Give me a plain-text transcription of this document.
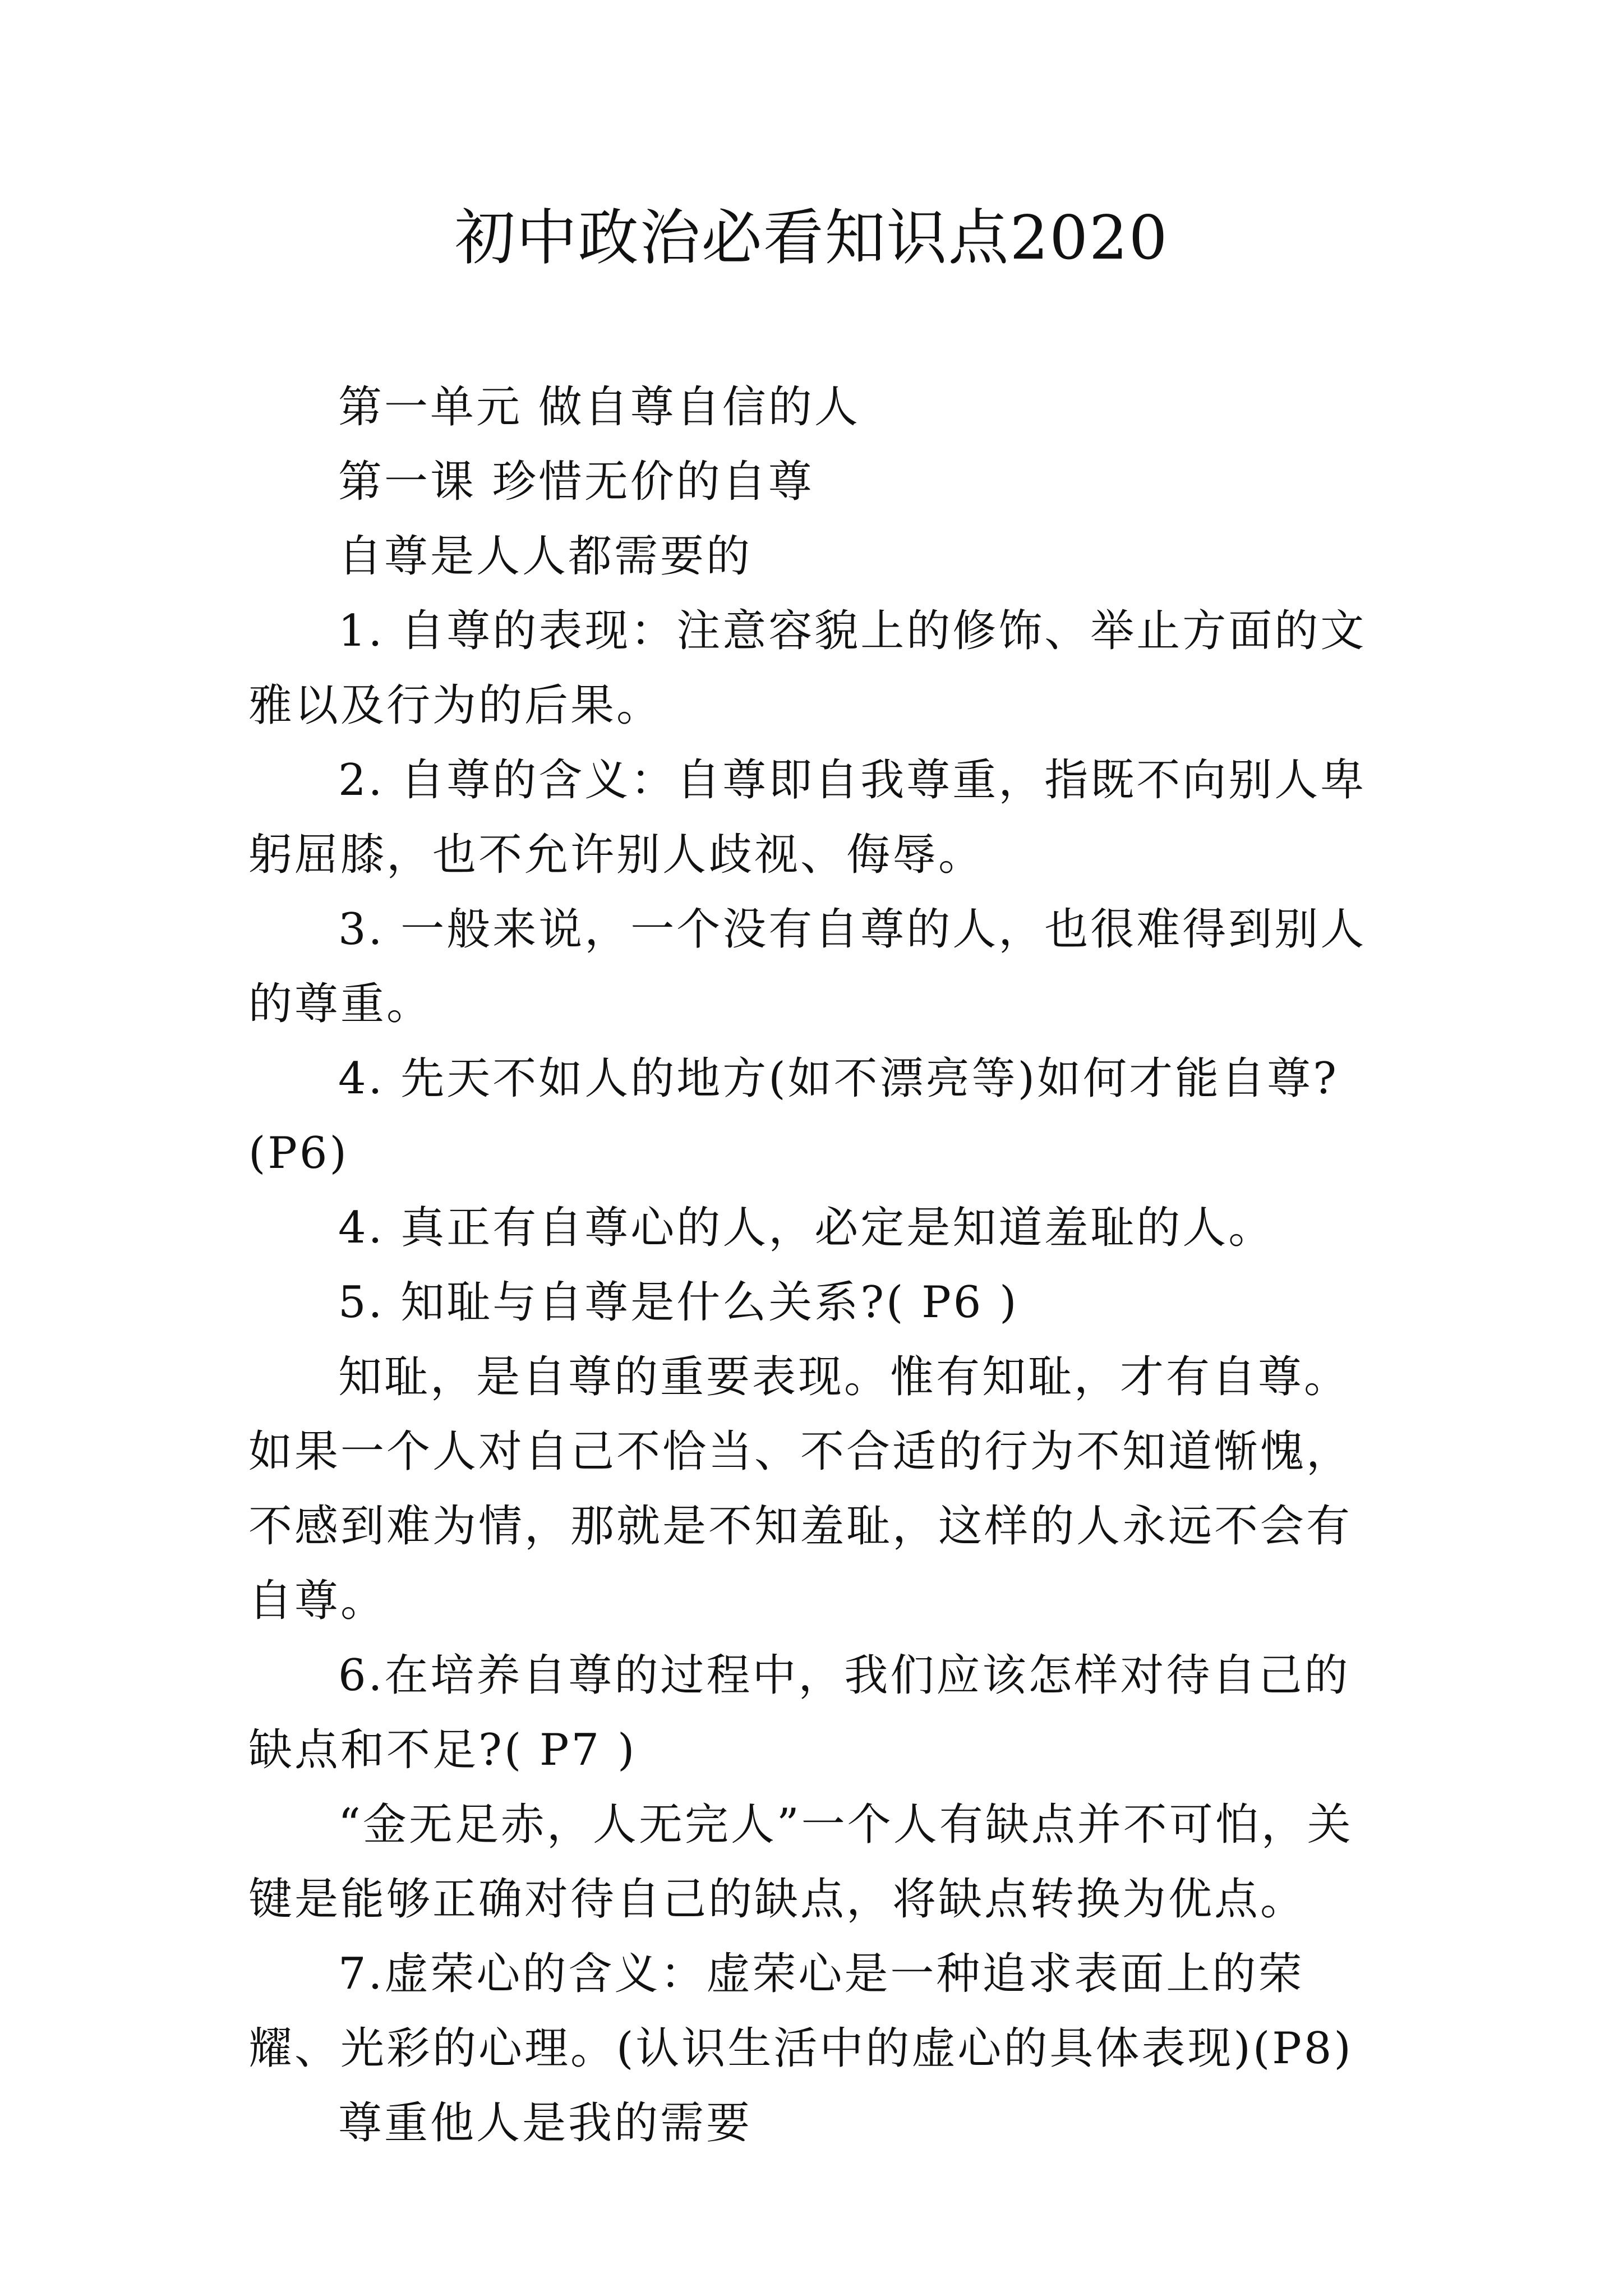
初中政治必看知识点2020

第一单元 做自尊自信的人

第一课 珍惜无价的自尊

自尊是人人都需要的

1. 自尊的表现：注意容貌上的修饰、举止方面的文雅以及行为的后果。

2. 自尊的含义：自尊即自我尊重，指既不向别人卑躬屈膝，也不允许别人歧视、侮辱。

3. 一般来说，一个没有自尊的人，也很难得到别人的尊重。

4. 先天不如人的地方(如不漂亮等)如何才能自尊?(P6)

4. 真正有自尊心的人，必定是知道羞耻的人。

5. 知耻与自尊是什么关系?( P6 )

知耻，是自尊的重要表现。惟有知耻，才有自尊。如果一个人对自己不恰当、不合适的行为不知道惭愧，不感到难为情，那就是不知羞耻，这样的人永远不会有自尊。

6.在培养自尊的过程中，我们应该怎样对待自己的缺点和不足?( P7 )

“金无足赤，人无完人”一个人有缺点并不可怕，关键是能够正确对待自己的缺点，将缺点转换为优点。

7.虚荣心的含义：虚荣心是一种追求表面上的荣耀、光彩的心理。(认识生活中的虚心的具体表现)(P8)

尊重他人是我的需要
